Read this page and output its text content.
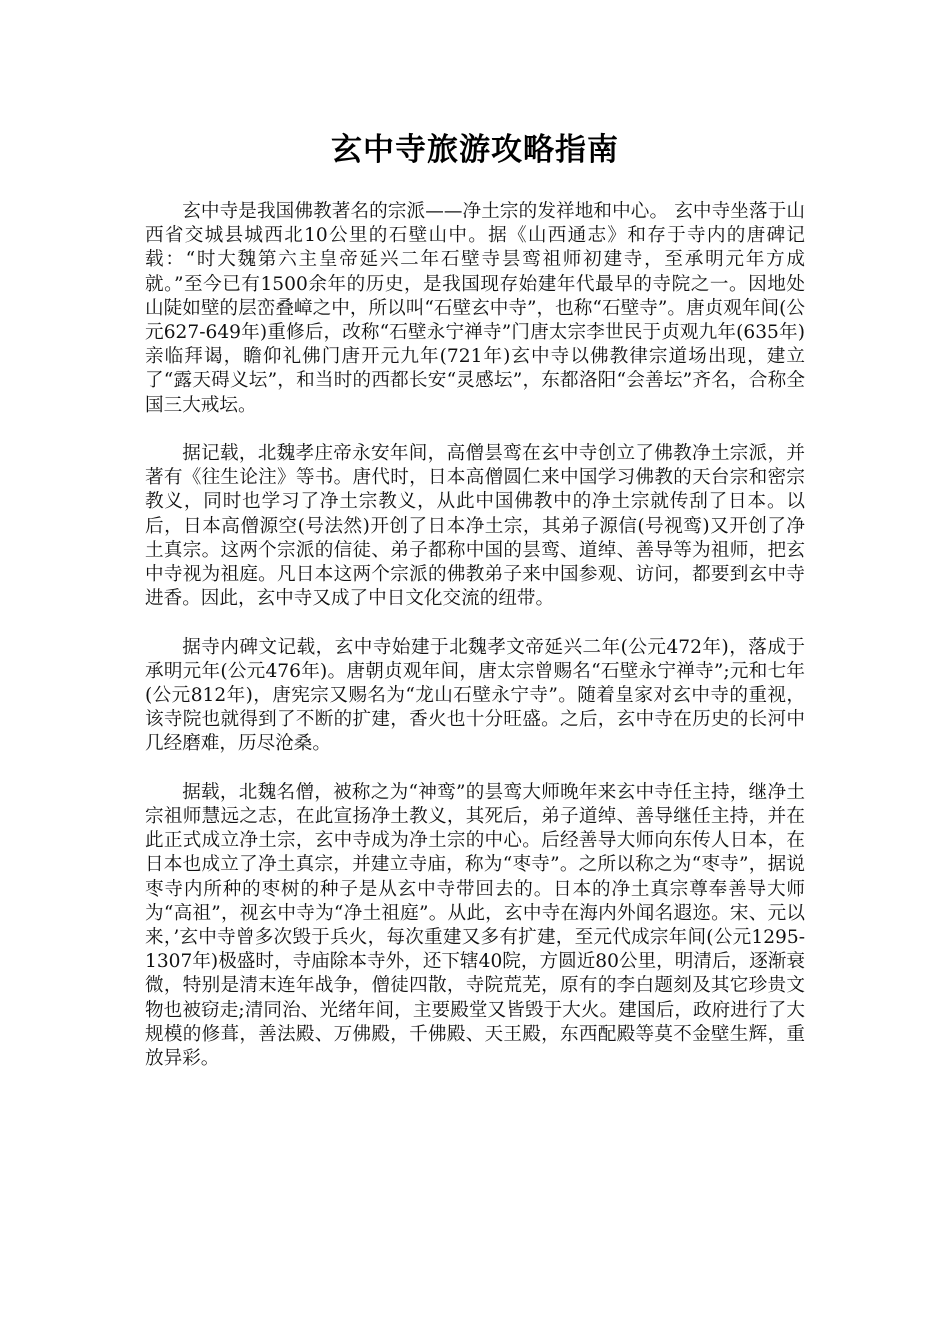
玄中寺旅游攻略指南

玄中寺是我国佛教著名的宗派——净土宗的发祥地和中心。 玄中寺坐落于山西省交城县城西北10公里的石壁山中。据《山西通志》和存于寺内的唐碑记载：“时大魏第六主皇帝延兴二年石壁寺昙鸾祖师初建寺，至承明元年方成就。”至今已有1500余年的历史，是我国现存始建年代最早的寺院之一。因地处山陡如壁的层峦叠嶂之中，所以叫“石壁玄中寺”，也称“石壁寺”。唐贞观年间(公元627-649年)重修后，改称“石壁永宁禅寺”门唐太宗李世民于贞观九年(635年)亲临拜谒，瞻仰礼佛门唐开元九年(721年)玄中寺以佛教律宗道场出现，建立了“露天碍义坛”，和当时的西都长安“灵感坛”，东都洛阳“会善坛”齐名，合称全国三大戒坛。

据记载，北魏孝庄帝永安年间，高僧昙鸾在玄中寺创立了佛教净土宗派，并著有《往生论注》等书。唐代时，日本高僧圆仁来中国学习佛教的天台宗和密宗教义，同时也学习了净土宗教义，从此中国佛教中的净土宗就传刮了日本。以后，日本高僧源空(号法然)开创了日本净土宗，其弟子源信(号视鸾)又开创了净土真宗。这两个宗派的信徒、弟子都称中国的昙鸾、道绰、善导等为祖师，把玄中寺视为祖庭。凡日本这两个宗派的佛教弟子来中国参观、访问，都要到玄中寺进香。因此，玄中寺又成了中日文化交流的纽带。

据寺内碑文记载，玄中寺始建于北魏孝文帝延兴二年(公元472年)，落成于承明元年(公元476年)。唐朝贞观年间，唐太宗曾赐名“石壁永宁禅寺”;元和七年(公元812年)，唐宪宗又赐名为“龙山石壁永宁寺”。随着皇家对玄中寺的重视，该寺院也就得到了不断的扩建，香火也十分旺盛。之后，玄中寺在历史的长河中几经磨难，历尽沧桑。

据载，北魏名僧，被称之为“神鸾”的昙鸾大师晚年来玄中寺任主持，继净土宗祖师慧远之志，在此宣扬净土教义，其死后，弟子道绰、善导继任主持，并在此正式成立净土宗，玄中寺成为净土宗的中心。后经善导大师向东传人日本，在日本也成立了净土真宗，并建立寺庙，称为“枣寺”。之所以称之为“枣寺”，据说枣寺内所种的枣树的种子是从玄中寺带回去的。日本的净土真宗尊奉善导大师为“高祖”，视玄中寺为“净土祖庭”。从此，玄中寺在海内外闻名遐迩。宋、元以来，’玄中寺曾多次毁于兵火，每次重建又多有扩建，至元代成宗年间(公元1295-1307年)极盛时，寺庙除本寺外，还下辖40院，方圆近80公里，明清后，逐渐衰微，特别是清末连年战争，僧徒四散，寺院荒芜，原有的李白题刻及其它珍贵文物也被窃走;清同治、光绪年间，主要殿堂又皆毁于大火。建国后，政府进行了大规模的修葺，善法殿、万佛殿，千佛殿、天王殿，东西配殿等莫不金壁生辉，重放异彩。
